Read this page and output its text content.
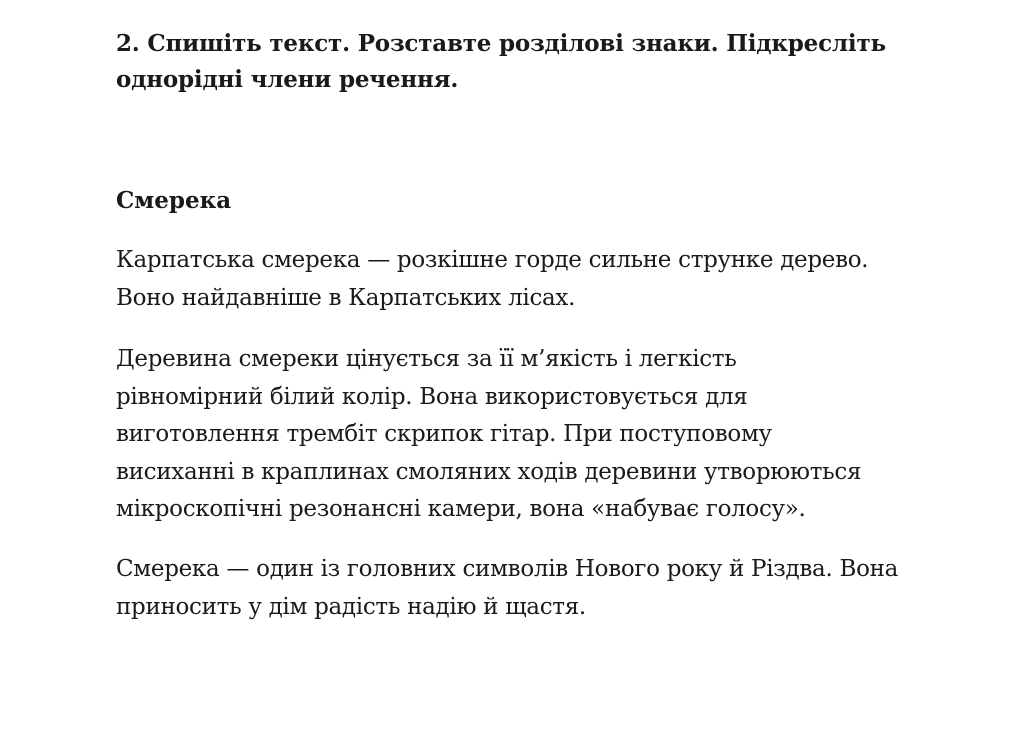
2. Спишіть текст. Розставте розділові знаки. Підкресліть
однорідні члени речення.

Смерека

Карпатська смерека — розкішне горде сильне струнке дерево.
Воно найдавніше в Карпатських лісах.

Деревина смереки цінується за її м’якість і легкість
рівномірний білий колір. Вона використовується для
виготовлення трембіт скрипок гітар. При поступовому
висиханні в краплинах смоляних ходів деревини утворюються
мікроскопічні резонансні камери, вона «набуває голосу».

Смерека — один із головних символів Нового року й Різдва. Вона
приносить у дім радість надію й щастя.
